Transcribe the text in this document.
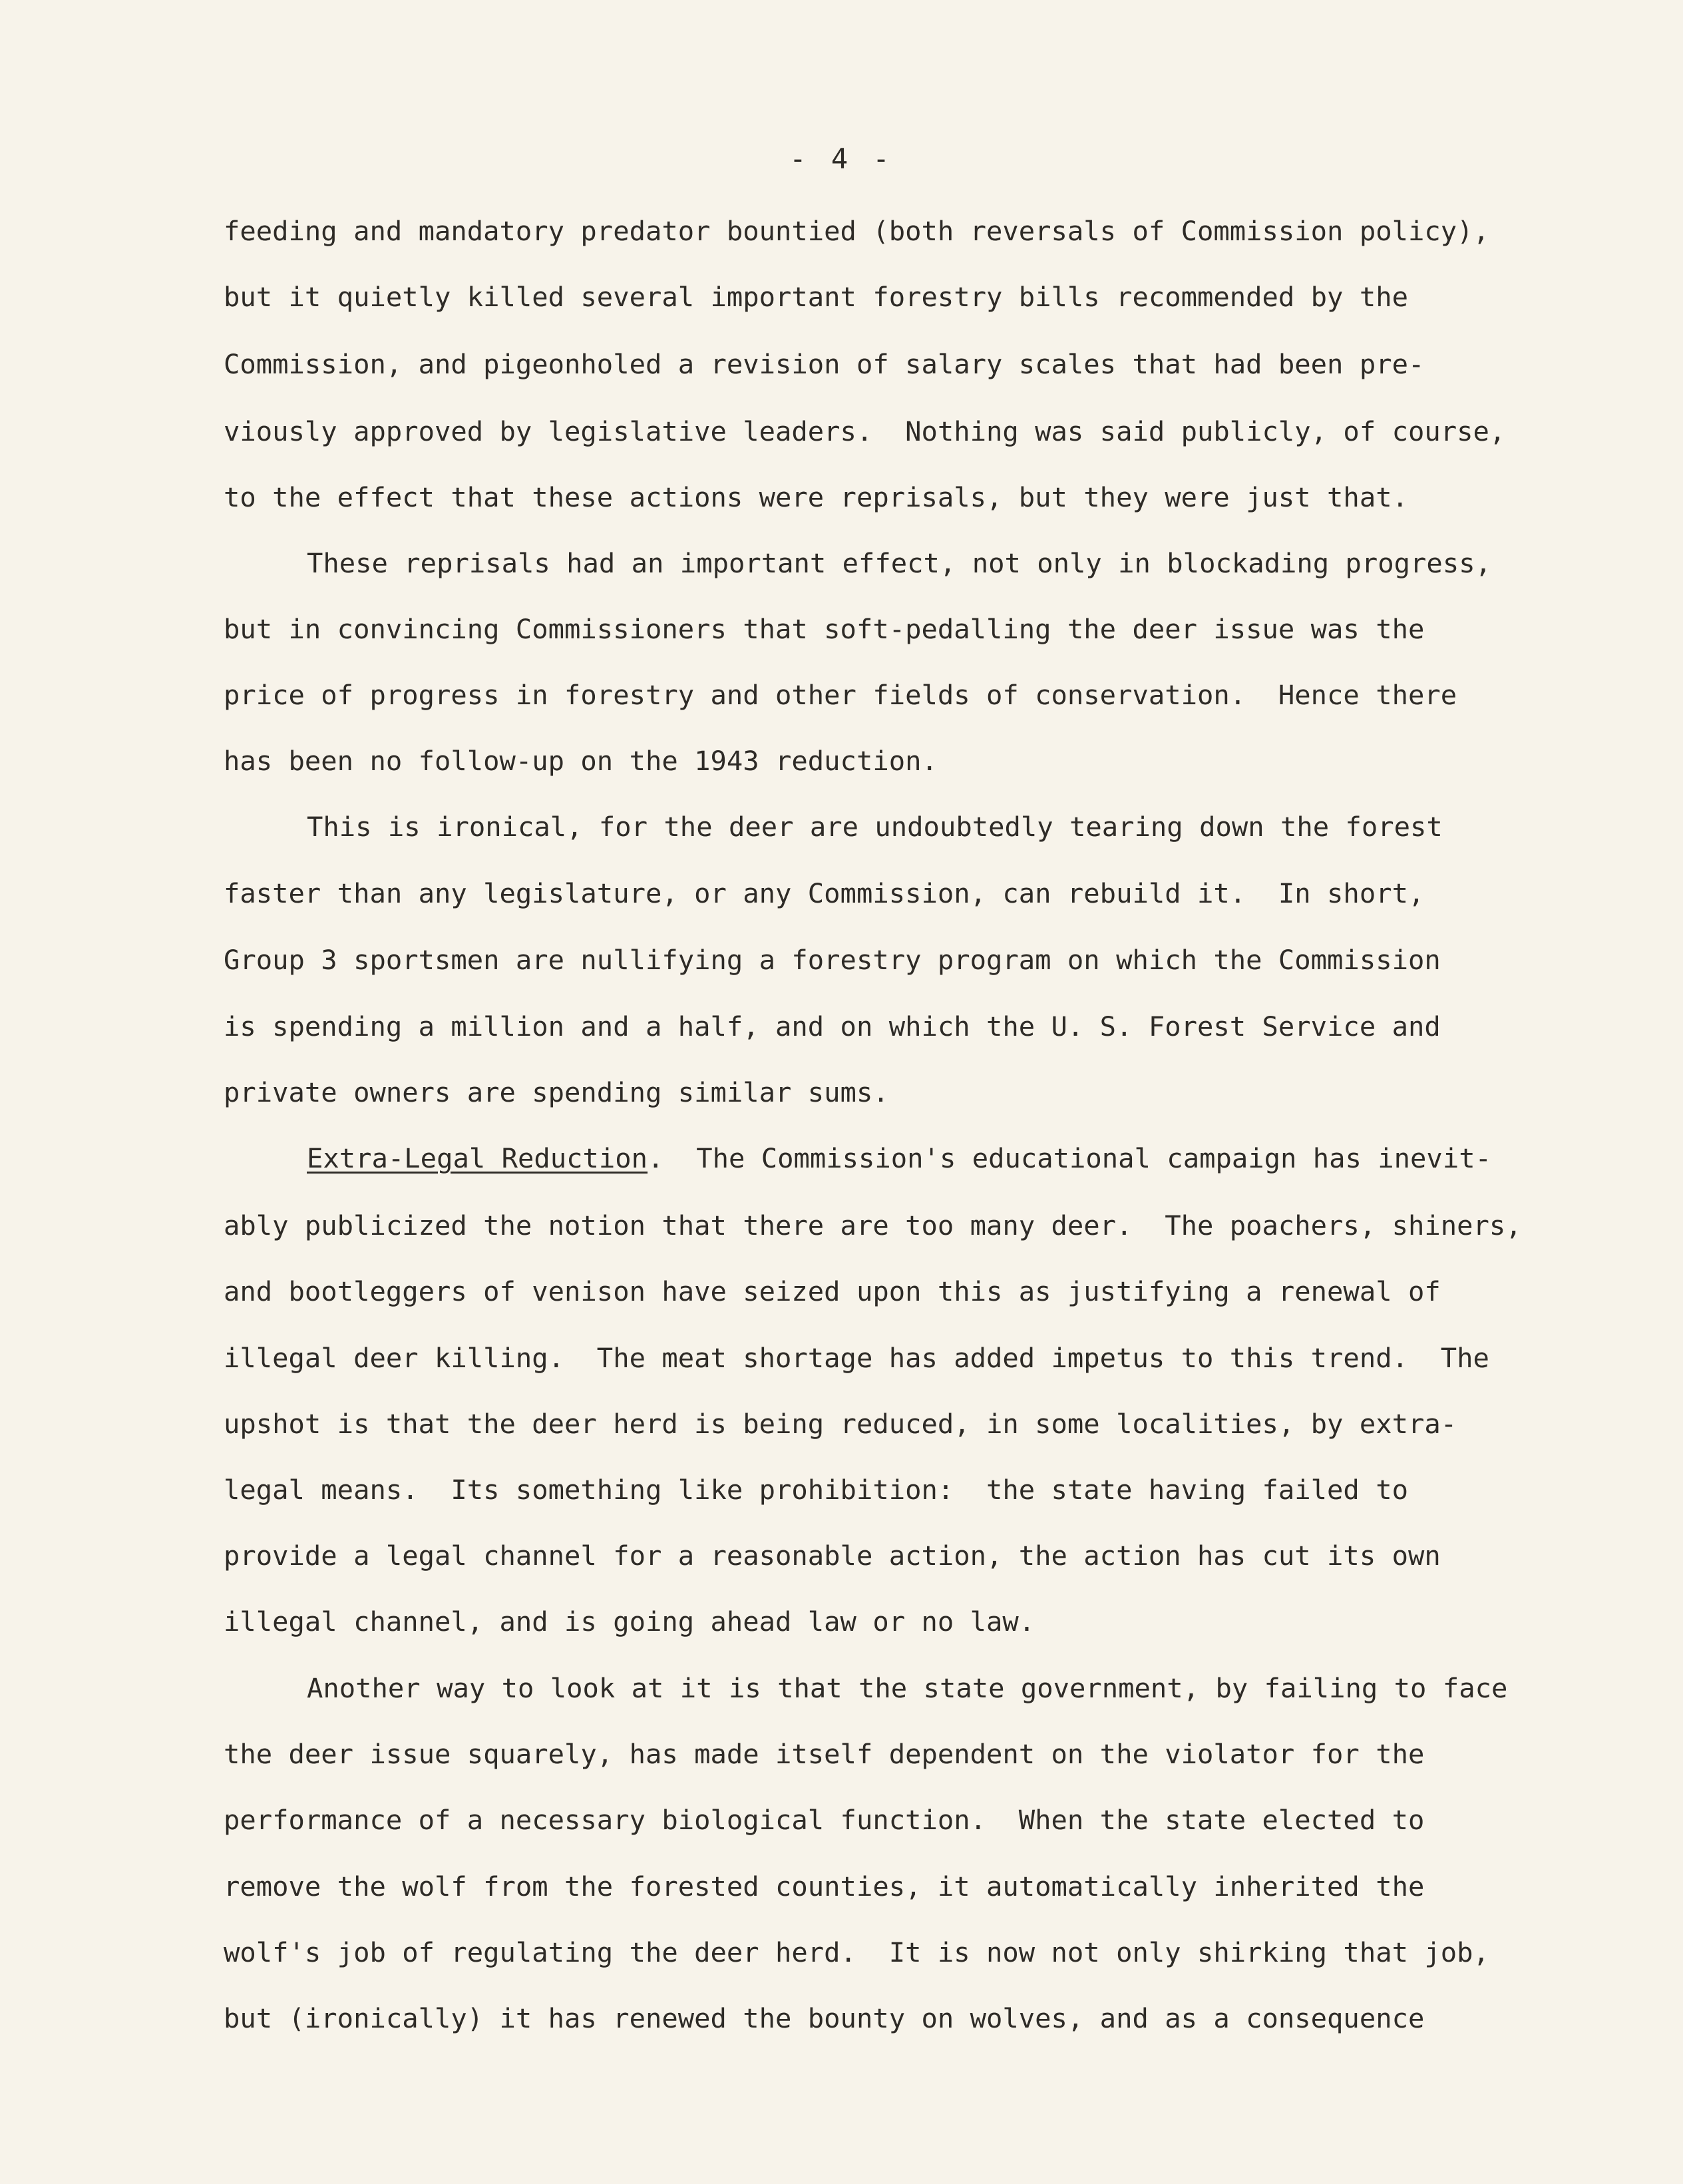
- 4 -
feeding and mandatory predator bountied (both reversals of Commission policy),
but it quietly killed several important forestry bills recommended by the
Commission, and pigeonholed a revision of salary scales that had been pre-
viously approved by legislative leaders.  Nothing was said publicly, of course,
to the effect that these actions were reprisals, but they were just that.
These reprisals had an important effect, not only in blockading progress,
but in convincing Commissioners that soft-pedalling the deer issue was the
price of progress in forestry and other fields of conservation.  Hence there
has been no follow-up on the 1943 reduction.
This is ironical, for the deer are undoubtedly tearing down the forest
faster than any legislature, or any Commission, can rebuild it.  In short,
Group 3 sportsmen are nullifying a forestry program on which the Commission
is spending a million and a half, and on which the U. S. Forest Service and
private owners are spending similar sums.
Extra-Legal Reduction.  The Commission's educational campaign has inevit-
ably publicized the notion that there are too many deer.  The poachers, shiners,
and bootleggers of venison have seized upon this as justifying a renewal of
illegal deer killing.  The meat shortage has added impetus to this trend.  The
upshot is that the deer herd is being reduced, in some localities, by extra-
legal means.  Its something like prohibition:  the state having failed to
provide a legal channel for a reasonable action, the action has cut its own
illegal channel, and is going ahead law or no law.
Another way to look at it is that the state government, by failing to face
the deer issue squarely, has made itself dependent on the violator for the
performance of a necessary biological function.  When the state elected to
remove the wolf from the forested counties, it automatically inherited the
wolf's job of regulating the deer herd.  It is now not only shirking that job,
but (ironically) it has renewed the bounty on wolves, and as a consequence
